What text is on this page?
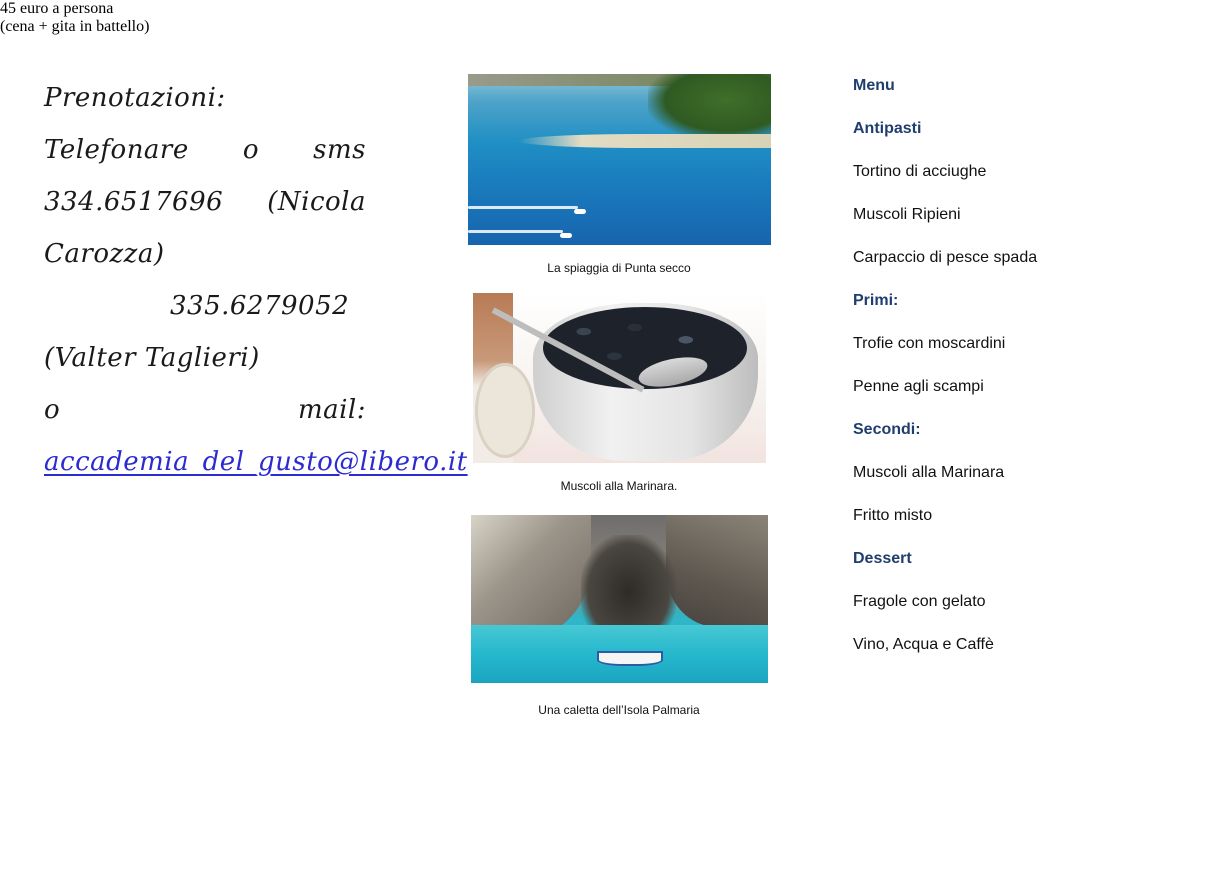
Prenotazioni:
Telefonare o sms
334.6517696 (Nicola
Carozza)
335.6279052
(Valter Taglieri)
o	mail:
accademia_del_gusto@libero.it
La spiaggia di Punta secco
Muscoli alla Marinara.
Una caletta dell’Isola Palmaria
Menu
Antipasti
Tortino di acciughe
Muscoli Ripieni
Carpaccio di pesce spada
Primi:
Trofie con moscardini
Penne agli scampi
Secondi:
Muscoli alla Marinara
Fritto misto
Dessert
Fragole con gelato
Vino, Acqua e Caffè
45 euro a persona
(cena + gita in battello)
